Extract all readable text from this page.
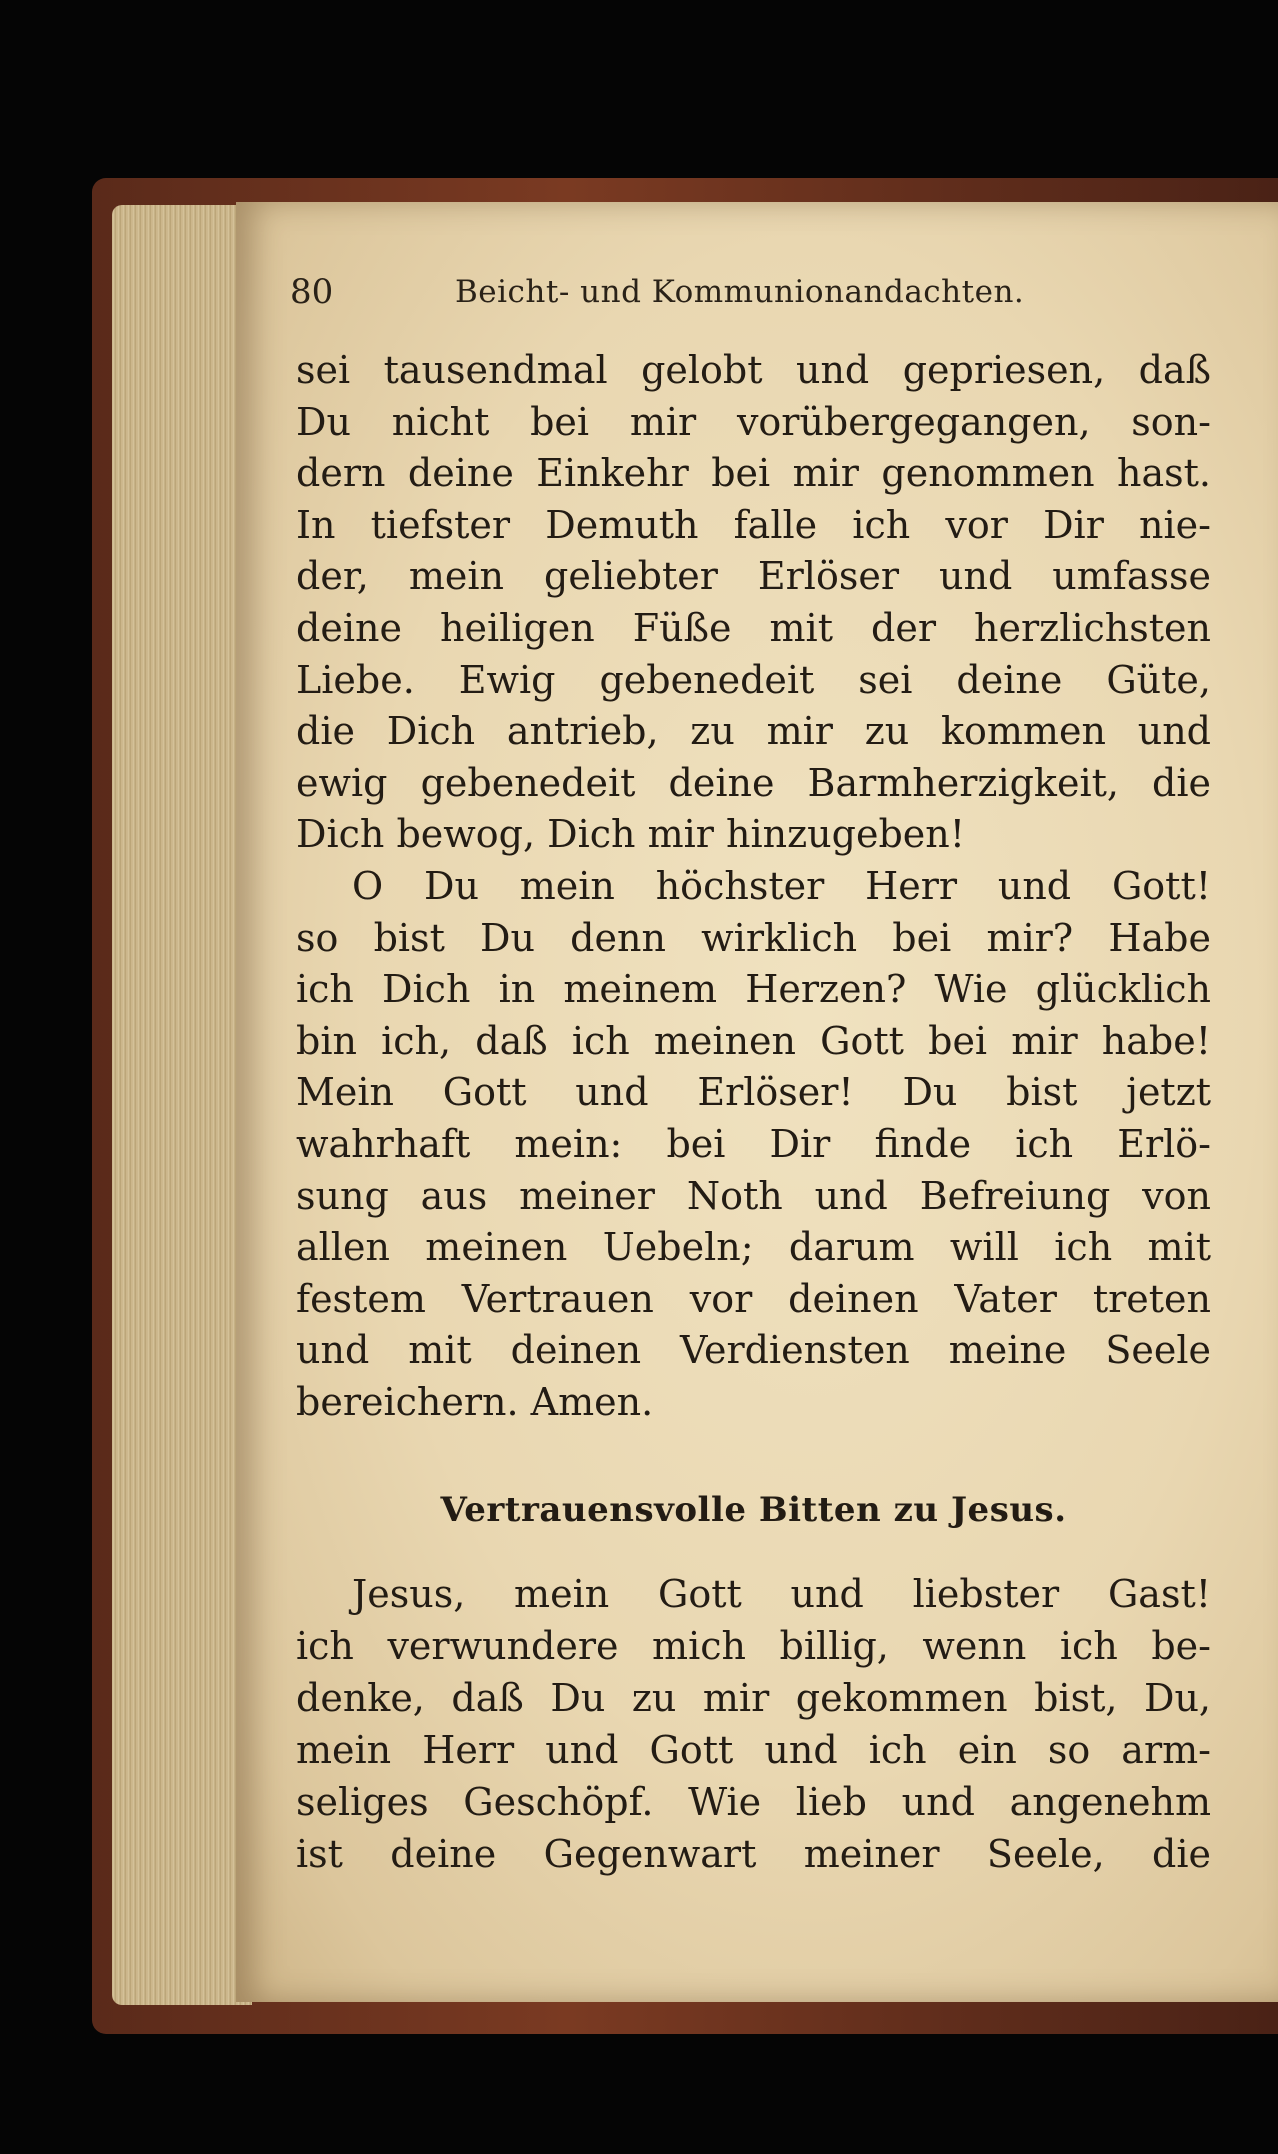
80	Beicht- und Kommunionandachten.
sei tausendmal gelobt und gepriesen, daß
Du nicht bei mir vorübergegangen, son-
dern deine Einkehr bei mir genommen hast.
In tiefster Demuth falle ich vor Dir nie-
der, mein geliebter Erlöser und umfasse
deine heiligen Füße mit der herzlichsten
Liebe. Ewig gebenedeit sei deine Güte,
die Dich antrieb, zu mir zu kommen und
ewig gebenedeit deine Barmherzigkeit, die
Dich bewog, Dich mir hinzugeben!
O Du mein höchster Herr und Gott!
so bist Du denn wirklich bei mir? Habe
ich Dich in meinem Herzen? Wie glücklich
bin ich, daß ich meinen Gott bei mir habe!
Mein Gott und Erlöser! Du bist jetzt
wahrhaft mein: bei Dir finde ich Erlö-
sung aus meiner Noth und Befreiung von
allen meinen Uebeln; darum will ich mit
festem Vertrauen vor deinen Vater treten
und mit deinen Verdiensten meine Seele
bereichern. Amen.
Vertrauensvolle Bitten zu Jesus.
Jesus, mein Gott und liebster Gast!
ich verwundere mich billig, wenn ich be-
denke, daß Du zu mir gekommen bist, Du,
mein Herr und Gott und ich ein so arm-
seliges Geschöpf. Wie lieb und angenehm
ist deine Gegenwart meiner Seele, die
